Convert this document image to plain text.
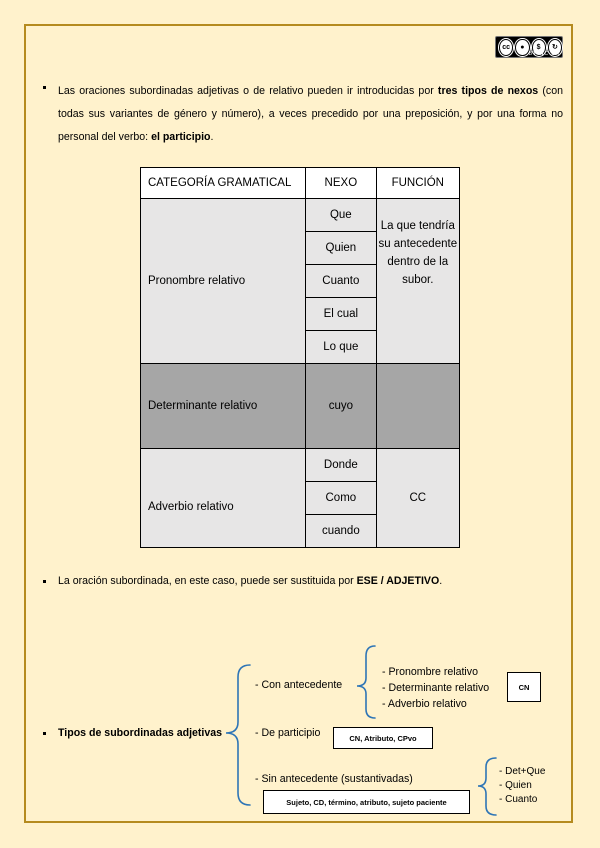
cc	●	$	↻
BY NC SA
Las oraciones subordinadas adjetivas o de relativo pueden ir introducidas por tres tipos de nexos (con todas sus variantes de género y número), a veces precedido por una preposición, y por una forma no personal del verbo: el participio.
CATEGORÍA GRAMATICAL	NEXO	FUNCIÓN
Pronombre relativo	Que	La que tendría su antecedente dentro de la subor.
	Quien	
	Cuanto	
	El cual	
	Lo que	
Determinante relativo	cuyo	
Adverbio relativo	Donde	CC
	Como	
	cuando	
La oración subordinada, en este caso, puede ser sustituida por ESE / ADJETIVO.
Tipos de subordinadas adjetivas
- Con antecedente
- Pronombre relativo
- Determinante relativo
- Adverbio relativo
CN
- De participio	CN, Atributo, CPvo
- Sin antecedente (sustantivadas)
Sujeto, CD, término, atributo, sujeto paciente
- Det+Que
- Quien
- Cuanto
